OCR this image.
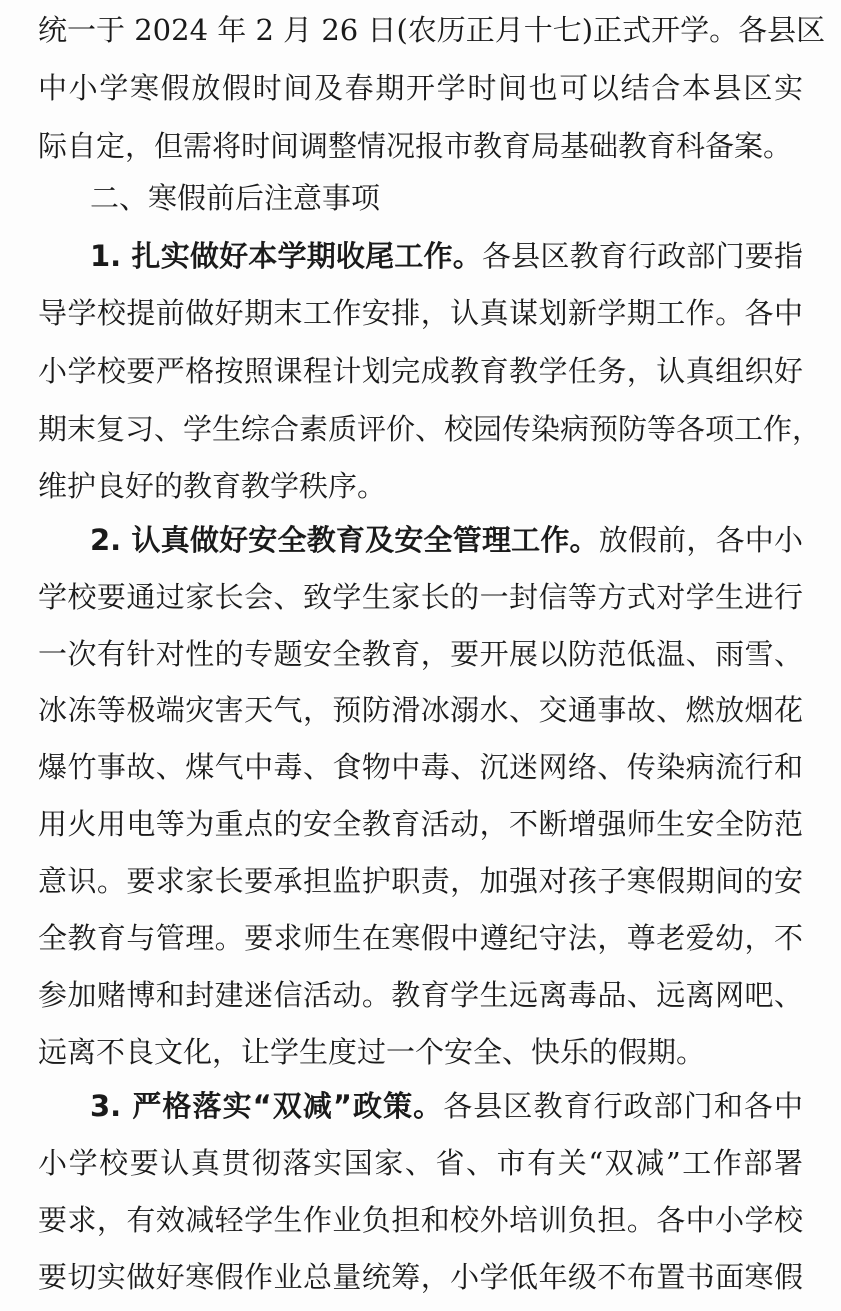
统一于 2024 年 2 月 26 日(农历正月十七)正式开学。各县区
中小学寒假放假时间及春期开学时间也可以结合本县区实
际自定，但需将时间调整情况报市教育局基础教育科备案。
二、寒假前后注意事项
1. 扎实做好本学期收尾工作。各县区教育行政部门要指
导学校提前做好期末工作安排，认真谋划新学期工作。各中
小学校要严格按照课程计划完成教育教学任务，认真组织好
期末复习、学生综合素质评价、校园传染病预防等各项工作，
维护良好的教育教学秩序。
2. 认真做好安全教育及安全管理工作。放假前，各中小
学校要通过家长会、致学生家长的一封信等方式对学生进行
一次有针对性的专题安全教育，要开展以防范低温、雨雪、
冰冻等极端灾害天气，预防滑冰溺水、交通事故、燃放烟花
爆竹事故、煤气中毒、食物中毒、沉迷网络、传染病流行和
用火用电等为重点的安全教育活动，不断增强师生安全防范
意识。要求家长要承担监护职责，加强对孩子寒假期间的安
全教育与管理。要求师生在寒假中遵纪守法，尊老爱幼，不
参加赌博和封建迷信活动。教育学生远离毒品、远离网吧、
远离不良文化，让学生度过一个安全、快乐的假期。
3. 严格落实“双减”政策。各县区教育行政部门和各中
小学校要认真贯彻落实国家、省、市有关“双减”工作部署
要求，有效减轻学生作业负担和校外培训负担。各中小学校
要切实做好寒假作业总量统筹，小学低年级不布置书面寒假
